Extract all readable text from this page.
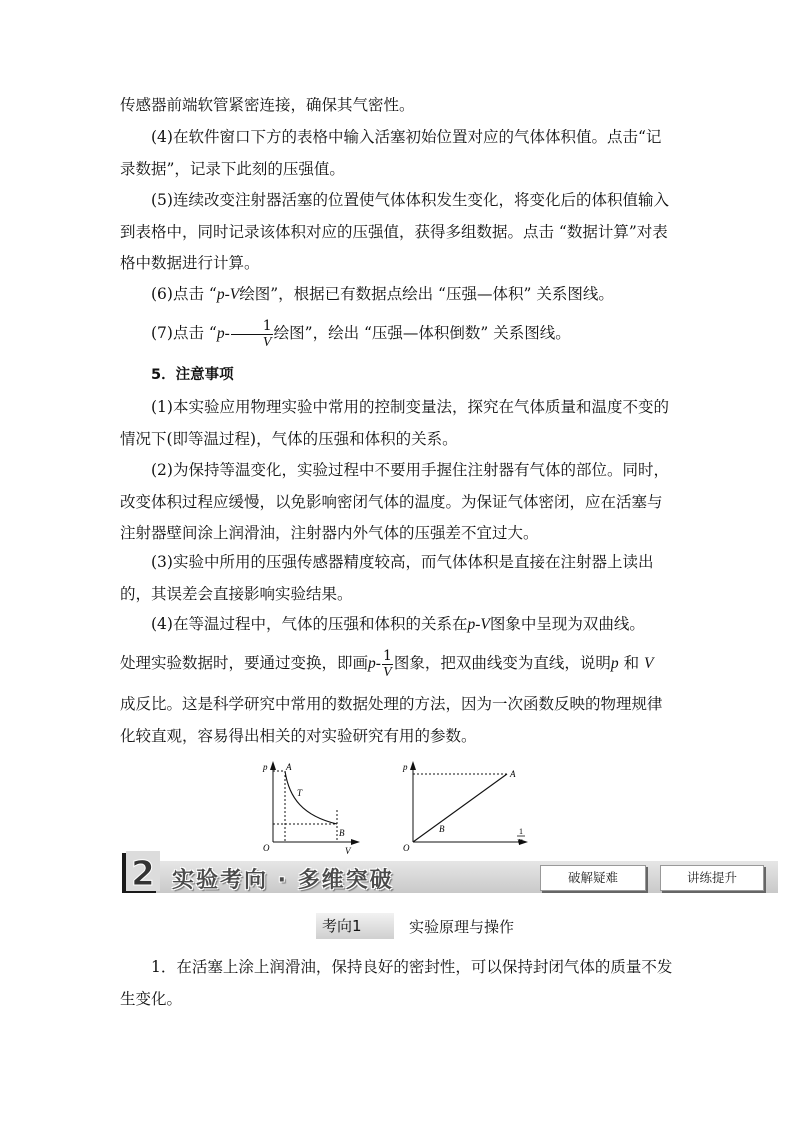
传感器前端软管紧密连接，确保其气密性。

(4)在软件窗口下方的表格中输入活塞初始位置对应的气体体积值。点击“记录数据”，记录下此刻的压强值。

(5)连续改变注射器活塞的位置使气体体积发生变化，将变化后的体积值输入到表格中，同时记录该体积对应的压强值，获得多组数据。点击 “数据计算”对表格中数据进行计算。

(6)点击 “p-V绘图”，根据已有数据点绘出 “压强—体积” 关系图线。

(7)点击 “$p- \frac{1}{V}$ 绘图”，绘出 “压强—体积倒数” 关系图线。

5．注意事项

(1)本实验应用物理实验中常用的控制变量法，探究在气体质量和温度不变的情况下(即等温过程)，气体的压强和体积的关系。

(2)为保持等温变化，实验过程中不要用手握住注射器有气体的部位。同时，改变体积过程应缓慢，以免影响密闭气体的温度。为保证气体密闭，应在活塞与注射器壁间涂上润滑油，注射器内外气体的压强差不宜过大。

(3)实验中所用的压强传感器精度较高，而气体体积是直接在注射器上读出的，其误差会直接影响实验结果。

(4)在等温过程中，气体的压强和体积的关系在p-V图象中呈现为双曲线。

处理实验数据时，要通过变换，即画$p- \frac{1}{V}$ 图象，把双曲线变为直线，说明p 和 V

成反比。这是科学研究中常用的数据处理的方法，因为一次函数反映的物理规律化较直观，容易得出相关的对实验研究有用的参数。

p A
T
B
O	V
p
A
B
O
1
V
2 实验考向 · 多维突破	破解疑难	讲练提升
考向1	实验原理与操作

1．在活塞上涂上润滑油，保持良好的密封性，可以保持封闭气体的质量不发生变化。
